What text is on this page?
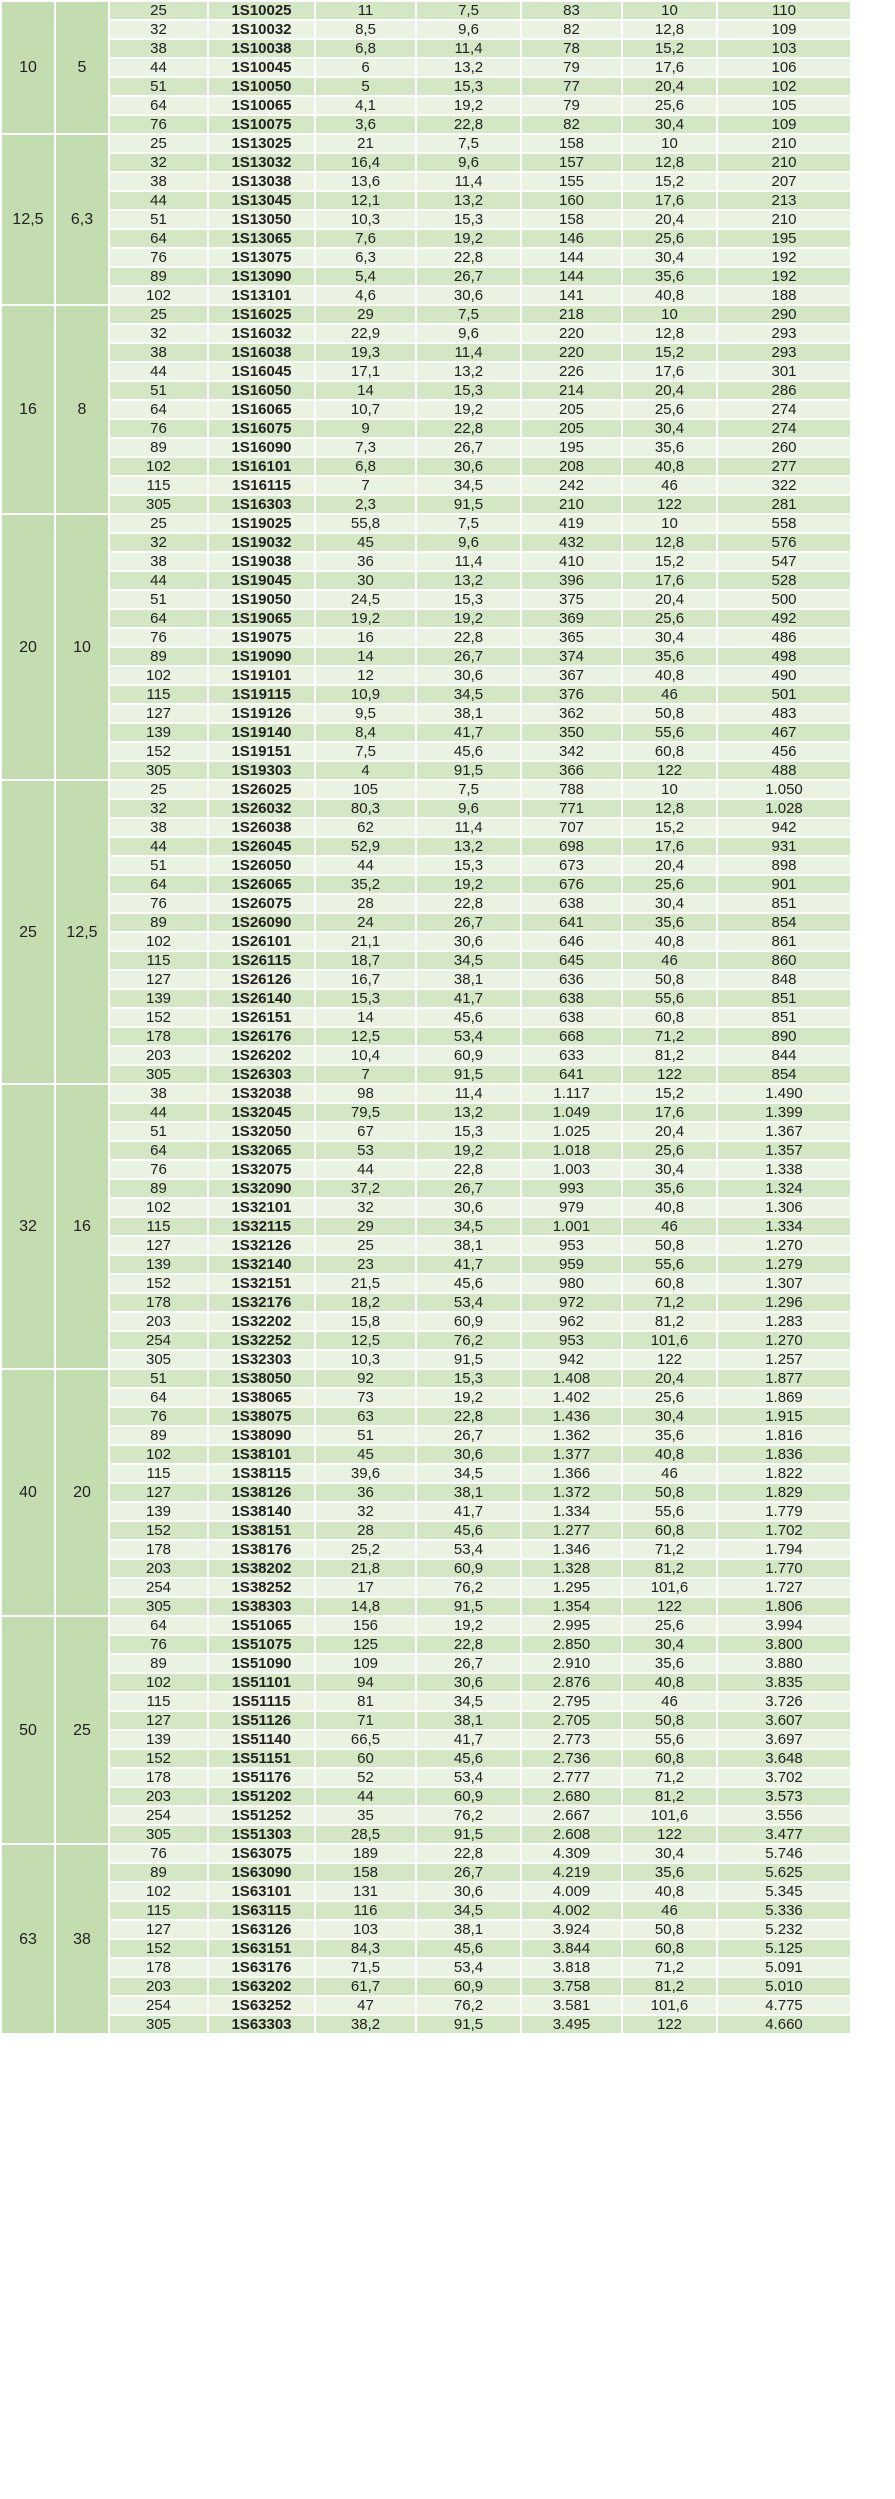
10	5	25	1S10025	11	7,5	83	10	110	
		32	1S10032	8,5	9,6	82	12,8	109	
		38	1S10038	6,8	11,4	78	15,2	103	
		44	1S10045	6	13,2	79	17,6	106	
		51	1S10050	5	15,3	77	20,4	102	
		64	1S10065	4,1	19,2	79	25,6	105	
		76	1S10075	3,6	22,8	82	30,4	109	
12,5	6,3	25	1S13025	21	7,5	158	10	210	
		32	1S13032	16,4	9,6	157	12,8	210	
		38	1S13038	13,6	11,4	155	15,2	207	
		44	1S13045	12,1	13,2	160	17,6	213	
		51	1S13050	10,3	15,3	158	20,4	210	
		64	1S13065	7,6	19,2	146	25,6	195	
		76	1S13075	6,3	22,8	144	30,4	192	
		89	1S13090	5,4	26,7	144	35,6	192	
		102	1S13101	4,6	30,6	141	40,8	188	
16	8	25	1S16025	29	7,5	218	10	290	
		32	1S16032	22,9	9,6	220	12,8	293	
		38	1S16038	19,3	11,4	220	15,2	293	
		44	1S16045	17,1	13,2	226	17,6	301	
		51	1S16050	14	15,3	214	20,4	286	
		64	1S16065	10,7	19,2	205	25,6	274	
		76	1S16075	9	22,8	205	30,4	274	
		89	1S16090	7,3	26,7	195	35,6	260	
		102	1S16101	6,8	30,6	208	40,8	277	
		115	1S16115	7	34,5	242	46	322	
		305	1S16303	2,3	91,5	210	122	281	
20	10	25	1S19025	55,8	7,5	419	10	558	
		32	1S19032	45	9,6	432	12,8	576	
		38	1S19038	36	11,4	410	15,2	547	
		44	1S19045	30	13,2	396	17,6	528	
		51	1S19050	24,5	15,3	375	20,4	500	
		64	1S19065	19,2	19,2	369	25,6	492	
		76	1S19075	16	22,8	365	30,4	486	
		89	1S19090	14	26,7	374	35,6	498	
		102	1S19101	12	30,6	367	40,8	490	
		115	1S19115	10,9	34,5	376	46	501	
		127	1S19126	9,5	38,1	362	50,8	483	
		139	1S19140	8,4	41,7	350	55,6	467	
		152	1S19151	7,5	45,6	342	60,8	456	
		305	1S19303	4	91,5	366	122	488	
25	12,5	25	1S26025	105	7,5	788	10	1.050	
		32	1S26032	80,3	9,6	771	12,8	1.028	
		38	1S26038	62	11,4	707	15,2	942	
		44	1S26045	52,9	13,2	698	17,6	931	
		51	1S26050	44	15,3	673	20,4	898	
		64	1S26065	35,2	19,2	676	25,6	901	
		76	1S26075	28	22,8	638	30,4	851	
		89	1S26090	24	26,7	641	35,6	854	
		102	1S26101	21,1	30,6	646	40,8	861	
		115	1S26115	18,7	34,5	645	46	860	
		127	1S26126	16,7	38,1	636	50,8	848	
		139	1S26140	15,3	41,7	638	55,6	851	
		152	1S26151	14	45,6	638	60,8	851	
		178	1S26176	12,5	53,4	668	71,2	890	
		203	1S26202	10,4	60,9	633	81,2	844	
		305	1S26303	7	91,5	641	122	854	
32	16	38	1S32038	98	11,4	1.117	15,2	1.490	
		44	1S32045	79,5	13,2	1.049	17,6	1.399	
		51	1S32050	67	15,3	1.025	20,4	1.367	
		64	1S32065	53	19,2	1.018	25,6	1.357	
		76	1S32075	44	22,8	1.003	30,4	1.338	
		89	1S32090	37,2	26,7	993	35,6	1.324	
		102	1S32101	32	30,6	979	40,8	1.306	
		115	1S32115	29	34,5	1.001	46	1.334	
		127	1S32126	25	38,1	953	50,8	1.270	
		139	1S32140	23	41,7	959	55,6	1.279	
		152	1S32151	21,5	45,6	980	60,8	1.307	
		178	1S32176	18,2	53,4	972	71,2	1.296	
		203	1S32202	15,8	60,9	962	81,2	1.283	
		254	1S32252	12,5	76,2	953	101,6	1.270	
		305	1S32303	10,3	91,5	942	122	1.257	
40	20	51	1S38050	92	15,3	1.408	20,4	1.877	
		64	1S38065	73	19,2	1.402	25,6	1.869	
		76	1S38075	63	22,8	1.436	30,4	1.915	
		89	1S38090	51	26,7	1.362	35,6	1.816	
		102	1S38101	45	30,6	1.377	40,8	1.836	
		115	1S38115	39,6	34,5	1.366	46	1.822	
		127	1S38126	36	38,1	1.372	50,8	1.829	
		139	1S38140	32	41,7	1.334	55,6	1.779	
		152	1S38151	28	45,6	1.277	60,8	1.702	
		178	1S38176	25,2	53,4	1.346	71,2	1.794	
		203	1S38202	21,8	60,9	1.328	81,2	1.770	
		254	1S38252	17	76,2	1.295	101,6	1.727	
		305	1S38303	14,8	91,5	1.354	122	1.806	
50	25	64	1S51065	156	19,2	2.995	25,6	3.994	
		76	1S51075	125	22,8	2.850	30,4	3.800	
		89	1S51090	109	26,7	2.910	35,6	3.880	
		102	1S51101	94	30,6	2.876	40,8	3.835	
		115	1S51115	81	34,5	2.795	46	3.726	
		127	1S51126	71	38,1	2.705	50,8	3.607	
		139	1S51140	66,5	41,7	2.773	55,6	3.697	
		152	1S51151	60	45,6	2.736	60,8	3.648	
		178	1S51176	52	53,4	2.777	71,2	3.702	
		203	1S51202	44	60,9	2.680	81,2	3.573	
		254	1S51252	35	76,2	2.667	101,6	3.556	
		305	1S51303	28,5	91,5	2.608	122	3.477	
63	38	76	1S63075	189	22,8	4.309	30,4	5.746	
		89	1S63090	158	26,7	4.219	35,6	5.625	
		102	1S63101	131	30,6	4.009	40,8	5.345	
		115	1S63115	116	34,5	4.002	46	5.336	
		127	1S63126	103	38,1	3.924	50,8	5.232	
		152	1S63151	84,3	45,6	3.844	60,8	5.125	
		178	1S63176	71,5	53,4	3.818	71,2	5.091	
		203	1S63202	61,7	60,9	3.758	81,2	5.010	
		254	1S63252	47	76,2	3.581	101,6	4.775	
		305	1S63303	38,2	91,5	3.495	122	4.660	
